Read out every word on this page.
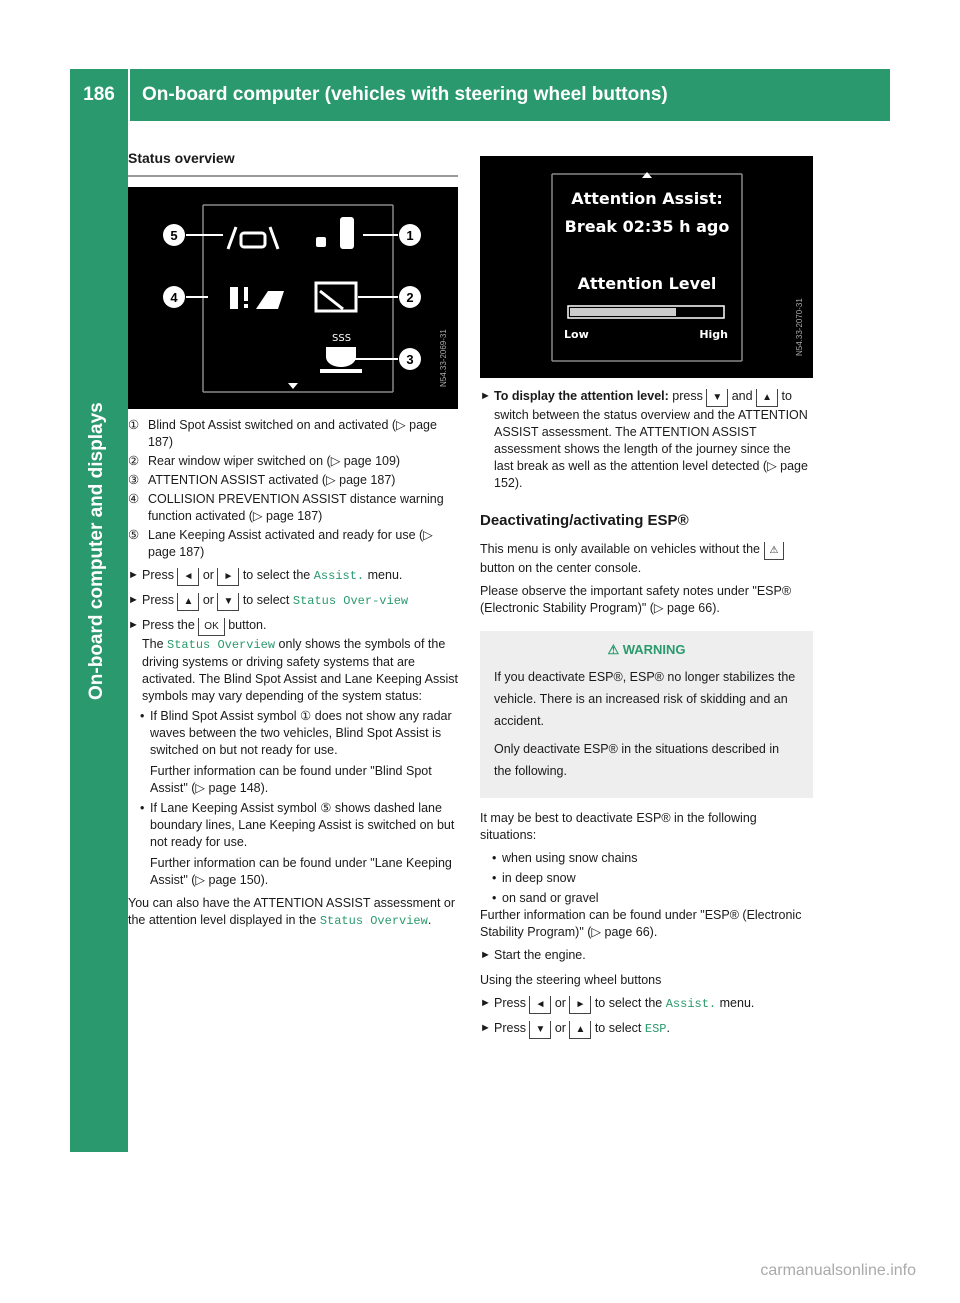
186	On-board computer (vehicles with steering wheel buttons)
On-board computer and displays
Status overview
SSS
5	1
4	2
3	N54.33-2069-31
① Blind Spot Assist switched on and activated (▷ page 187)
② Rear window wiper switched on (▷ page 109)
③ ATTENTION ASSIST activated (▷ page 187)
④ COLLISION PREVENTION ASSIST distance warning function activated (▷ page 187)
⑤ Lane Keeping Assist activated and ready for use (▷ page 187)
► Press ◄ or ► to select the Assist. menu.
► Press ▲ or ▼ to select Status Over-view
► Press the OK button.
The Status Overview only shows the symbols of the driving systems or driving safety systems that are activated. The Blind Spot Assist and Lane Keeping Assist symbols may vary depending of the system status:
• If Blind Spot Assist symbol ① does not show any radar waves between the two vehicles, Blind Spot Assist is switched on but not ready for use.
Further information can be found under "Blind Spot Assist" (▷ page 148).
• If Lane Keeping Assist symbol ⑤ shows dashed lane boundary lines, Lane Keeping Assist is switched on but not ready for use.
Further information can be found under "Lane Keeping Assist" (▷ page 150).

You can also have the ATTENTION ASSIST assessment or the attention level displayed in the Status Overview.

Attention Assist:
Break 02:35 h ago
Attention Level
Low	High	N54.33-2070-31
► To display the attention level: press ▼ and ▲ to switch between the status overview and the ATTENTION ASSIST assessment. The ATTENTION ASSIST assessment shows the length of the journey since the last break as well as the attention level detected (▷ page 152).
Deactivating/activating ESP®

This menu is only available on vehicles without the ⚠ button on the center console.

Please observe the important safety notes under "ESP® (Electronic Stability Program)" (▷ page 66).

⚠ WARNING

If you deactivate ESP®, ESP® no longer stabilizes the vehicle. There is an increased risk of skidding and an accident.

Only deactivate ESP® in the situations described in the following.

It may be best to deactivate ESP® in the following situations:

• when using snow chains
• in deep snow
• on sand or gravel

Further information can be found under "ESP® (Electronic Stability Program)" (▷ page 66).

► Start the engine.

Using the steering wheel buttons

► Press ◄ or ► to select the Assist. menu.
► Press ▼ or ▲ to select ESP.
carmanualsonline.info
